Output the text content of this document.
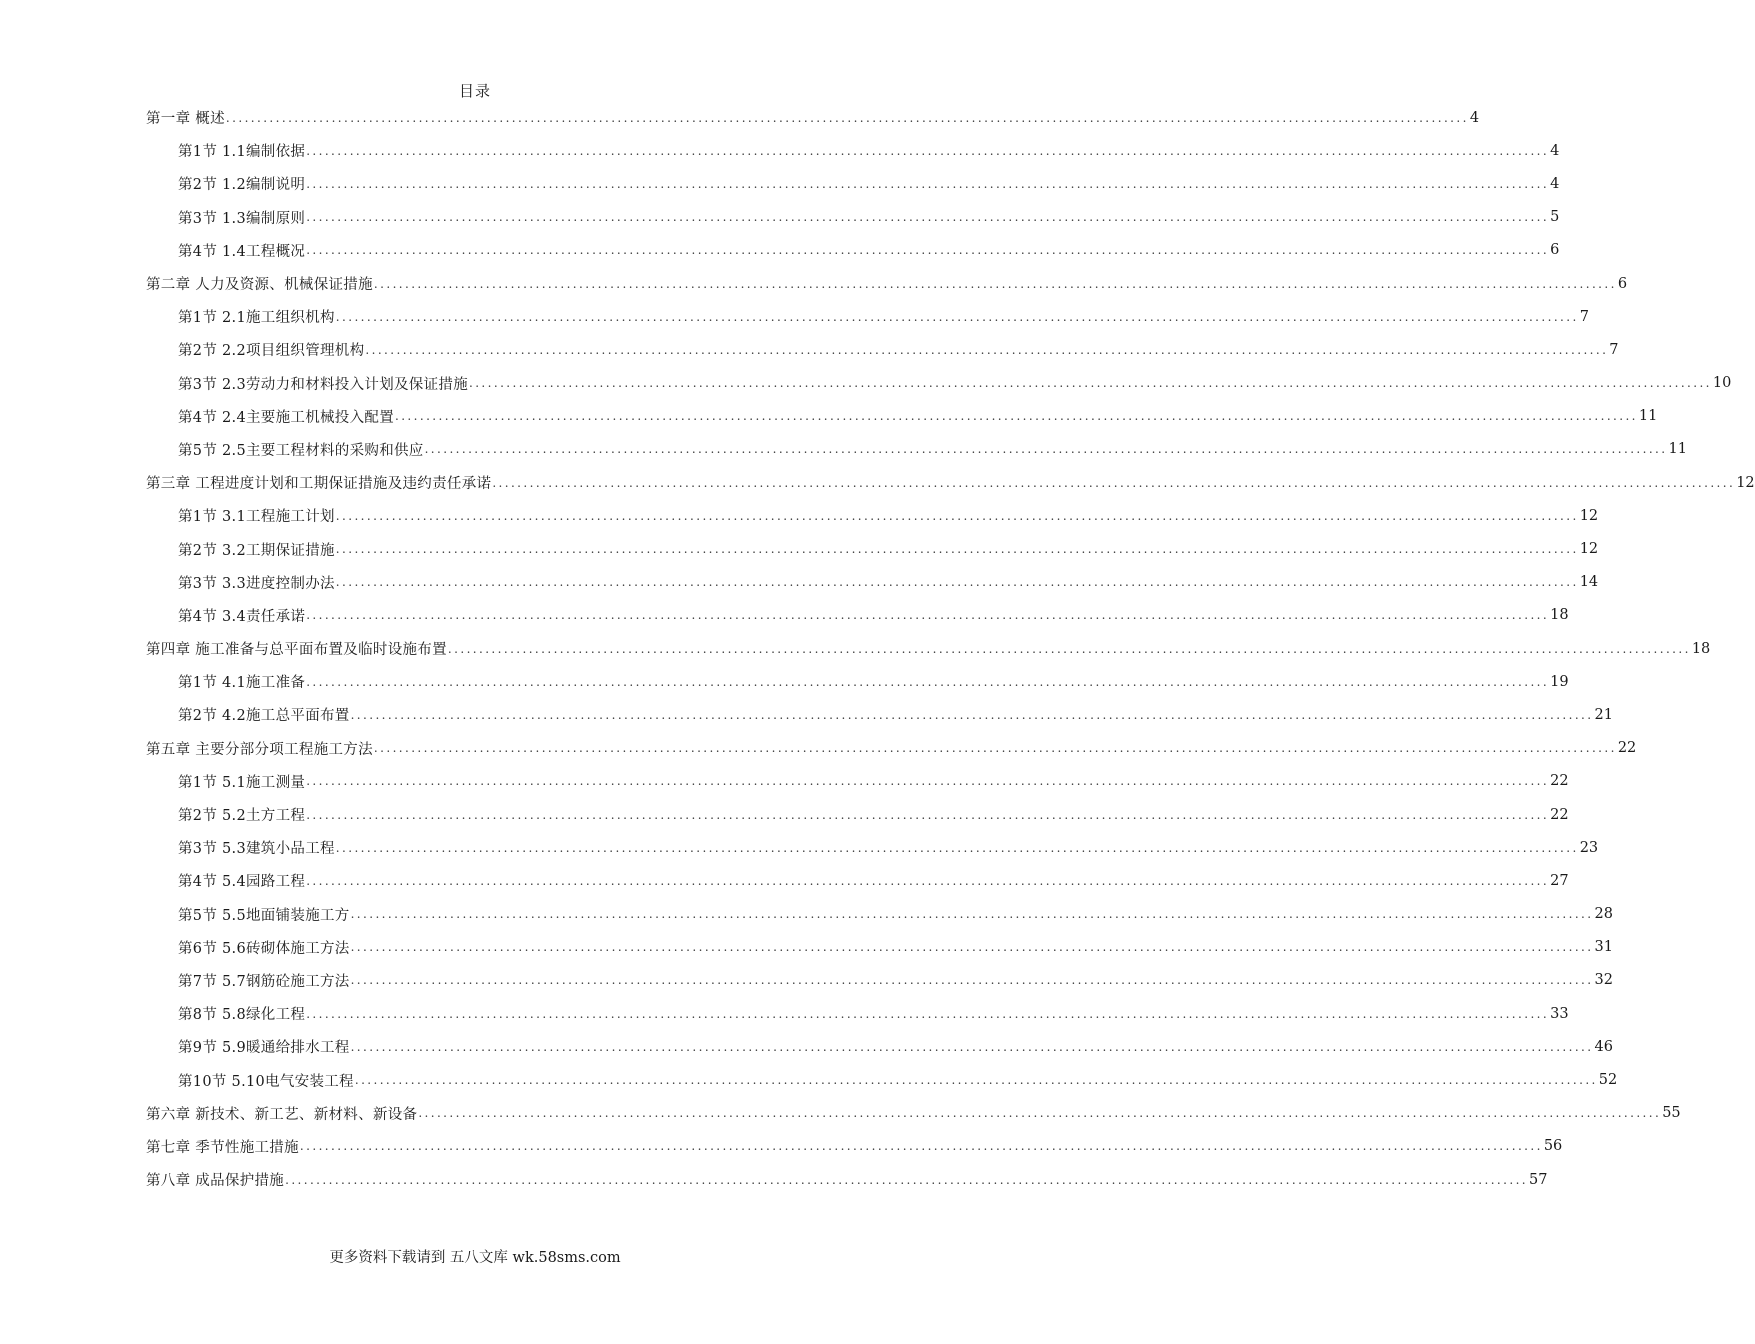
目录
第一章 概述 ........................................................................................................................................................................................................ 4
第1节 1.1编制依据 ........................................................................................................................................................................................................ 4
第2节 1.2编制说明 ........................................................................................................................................................................................................ 4
第3节 1.3编制原则 ........................................................................................................................................................................................................ 5
第4节 1.4工程概况 ........................................................................................................................................................................................................ 6
第二章 人力及资源、机械保证措施 ........................................................................................................................................................................................................ 6
第1节 2.1施工组织机构 ........................................................................................................................................................................................................ 7
第2节 2.2项目组织管理机构 ........................................................................................................................................................................................................ 7
第3节 2.3劳动力和材料投入计划及保证措施 ........................................................................................................................................................................................................ 10
第4节 2.4主要施工机械投入配置 ........................................................................................................................................................................................................ 11
第5节 2.5主要工程材料的采购和供应 ........................................................................................................................................................................................................ 11
第三章 工程进度计划和工期保证措施及违约责任承诺 ........................................................................................................................................................................................................ 12
第1节 3.1工程施工计划 ........................................................................................................................................................................................................ 12
第2节 3.2工期保证措施 ........................................................................................................................................................................................................ 12
第3节 3.3进度控制办法 ........................................................................................................................................................................................................ 14
第4节 3.4责任承诺 ........................................................................................................................................................................................................ 18
第四章 施工准备与总平面布置及临时设施布置 ........................................................................................................................................................................................................ 18
第1节 4.1施工准备 ........................................................................................................................................................................................................ 19
第2节 4.2施工总平面布置 ........................................................................................................................................................................................................ 21
第五章 主要分部分项工程施工方法 ........................................................................................................................................................................................................ 22
第1节 5.1施工测量 ........................................................................................................................................................................................................ 22
第2节 5.2土方工程 ........................................................................................................................................................................................................ 22
第3节 5.3建筑小品工程 ........................................................................................................................................................................................................ 23
第4节 5.4园路工程 ........................................................................................................................................................................................................ 27
第5节 5.5地面铺装施工方 ........................................................................................................................................................................................................ 28
第6节 5.6砖砌体施工方法 ........................................................................................................................................................................................................ 31
第7节 5.7钢筋砼施工方法 ........................................................................................................................................................................................................ 32
第8节 5.8绿化工程 ........................................................................................................................................................................................................ 33
第9节 5.9暖通给排水工程 ........................................................................................................................................................................................................ 46
第10节 5.10电气安装工程 ........................................................................................................................................................................................................ 52
第六章 新技术、新工艺、新材料、新设备 ........................................................................................................................................................................................................ 55
第七章 季节性施工措施 ........................................................................................................................................................................................................ 56
第八章 成品保护措施 ........................................................................................................................................................................................................ 57
更多资料下载请到 五八文库 wk.58sms.com
